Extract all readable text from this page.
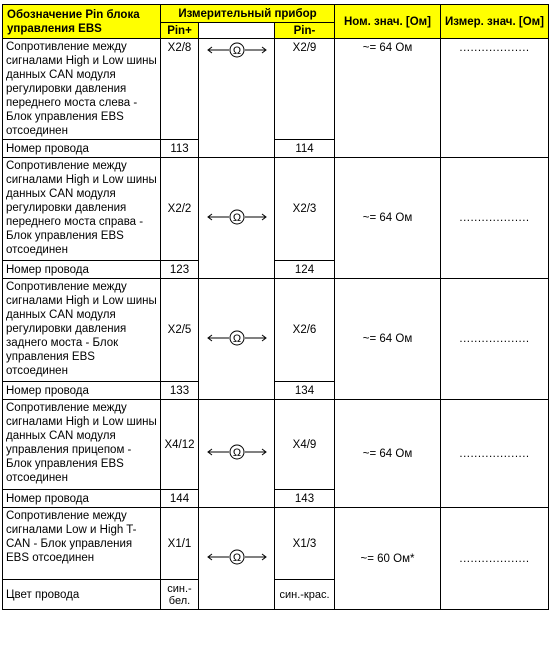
Обозначение Pin блока управления EBS	Измерительный прибор			Ном. знач. [Ом]	Измер. знач. [Ом]
	Pin+		Pin-		
Сопротивление между сигналами High и Low шины данных CAN модуля регулировки давления переднего моста слева - Блок управления EBS отсоединен	X2/8	Ω	X2/9	~= 64 Ом	...................
Номер провода	113		114		
Сопротивление между сигналами High и Low шины данных CAN модуля регулировки давления переднего моста справа - Блок управления EBS отсоединен	X2/2	Ω	X2/3	~= 64 Ом	...................
Номер провода	123		124		
Сопротивление между сигналами High и Low шины данных CAN модуля регулировки давления заднего моста - Блок управления EBS отсоединен	X2/5	Ω	X2/6	~= 64 Ом	...................
Номер провода	133		134		
Сопротивление между сигналами High и Low шины данных CAN модуля управления прицепом - Блок управления EBS отсоединен	X4/12	Ω	X4/9	~= 64 Ом	...................
Номер провода	144		143		
Сопротивление между сигналами Low и High T-CAN - Блок управления EBS отсоединен	X1/1	Ω	X1/3	~= 60 Ом*	...................
Цвет провода	син.-бел.		син.-крас.		
